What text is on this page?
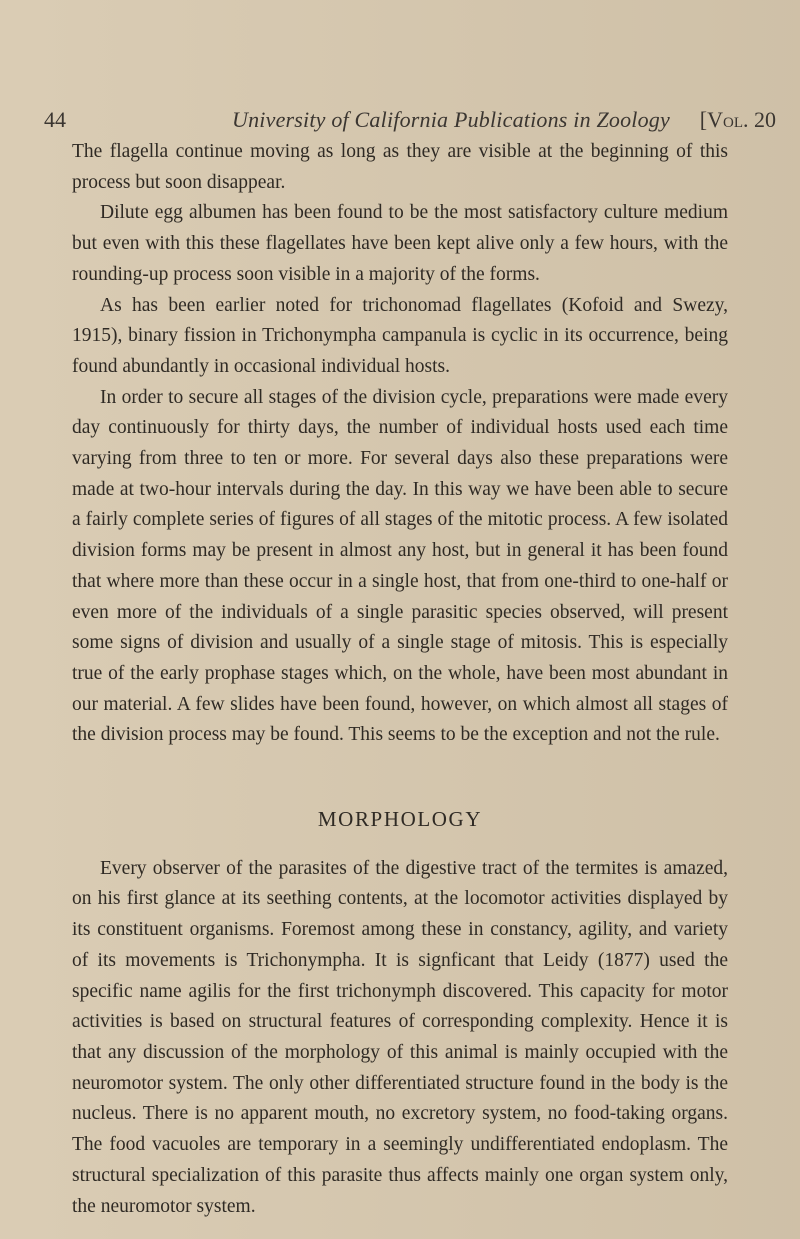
44	University of California Publications in Zoology [Vol. 20

The flagella continue moving as long as they are visible at the beginning of this process but soon disappear.

Dilute egg albumen has been found to be the most satisfactory culture medium but even with this these flagellates have been kept alive only a few hours, with the rounding-up process soon visible in a majority of the forms.

As has been earlier noted for trichonomad flagellates (Kofoid and Swezy, 1915), binary fission in Trichonympha campanula is cyclic in its occurrence, being found abundantly in occasional individual hosts.

In order to secure all stages of the division cycle, preparations were made every day continuously for thirty days, the number of individual hosts used each time varying from three to ten or more. For several days also these preparations were made at two-hour intervals during the day. In this way we have been able to secure a fairly complete series of figures of all stages of the mitotic process. A few isolated division forms may be present in almost any host, but in general it has been found that where more than these occur in a single host, that from one-third to one-half or even more of the individuals of a single parasitic species observed, will present some signs of division and usually of a single stage of mitosis. This is especially true of the early prophase stages which, on the whole, have been most abundant in our material. A few slides have been found, however, on which almost all stages of the division process may be found. This seems to be the exception and not the rule.

MORPHOLOGY

Every observer of the parasites of the digestive tract of the termites is amazed, on his first glance at its seething contents, at the locomotor activities displayed by its constituent organisms. Foremost among these in constancy, agility, and variety of its movements is Trichonympha. It is signficant that Leidy (1877) used the specific name agilis for the first trichonymph discovered. This capacity for motor activities is based on structural features of corresponding complexity. Hence it is that any discussion of the morphology of this animal is mainly occupied with the neuromotor system. The only other differentiated structure found in the body is the nucleus. There is no apparent mouth, no excretory system, no food-taking organs. The food vacuoles are temporary in a seemingly undifferentiated endoplasm. The structural specialization of this parasite thus affects mainly one organ system only, the neuromotor system.
